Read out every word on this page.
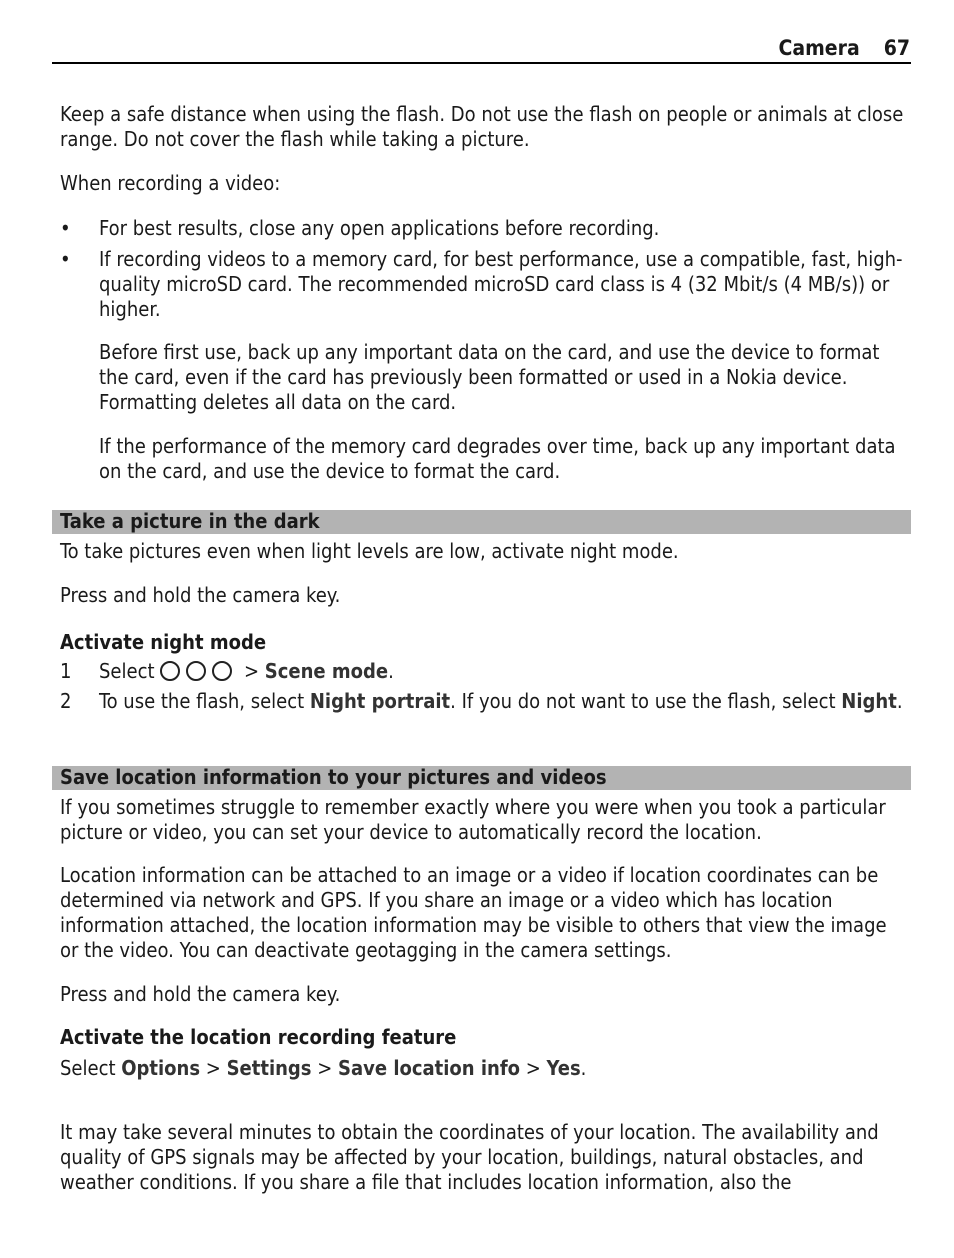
Camera 67

Keep a safe distance when using the flash. Do not use the flash on people or animals at close range. Do not cover the flash while taking a picture.

When recording a video:

• For best results, close any open applications before recording.

• If recording videos to a memory card, for best performance, use a compatible, fast, high-quality microSD card. The recommended microSD card class is 4 (32 Mbit/s (4 MB/s)) or higher.

Before first use, back up any important data on the card, and use the device to format the card, even if the card has previously been formatted or used in a Nokia device. Formatting deletes all data on the card.

If the performance of the memory card degrades over time, back up any important data on the card, and use the device to format the card.

Take a picture in the dark

To take pictures even when light levels are low, activate night mode.

Press and hold the camera key.

Activate night mode

1 Select	> Scene mode.

2 To use the flash, select Night portrait. If you do not want to use the flash, select Night.

Save location information to your pictures and videos

If you sometimes struggle to remember exactly where you were when you took a particular picture or video, you can set your device to automatically record the location.

Location information can be attached to an image or a video if location coordinates can be determined via network and GPS. If you share an image or a video which has location information attached, the location information may be visible to others that view the image or the video. You can deactivate geotagging in the camera settings.

Press and hold the camera key.

Activate the location recording feature

Select Options > Settings > Save location info > Yes.

It may take several minutes to obtain the coordinates of your location. The availability and quality of GPS signals may be affected by your location, buildings, natural obstacles, and weather conditions. If you share a file that includes location information, also the
